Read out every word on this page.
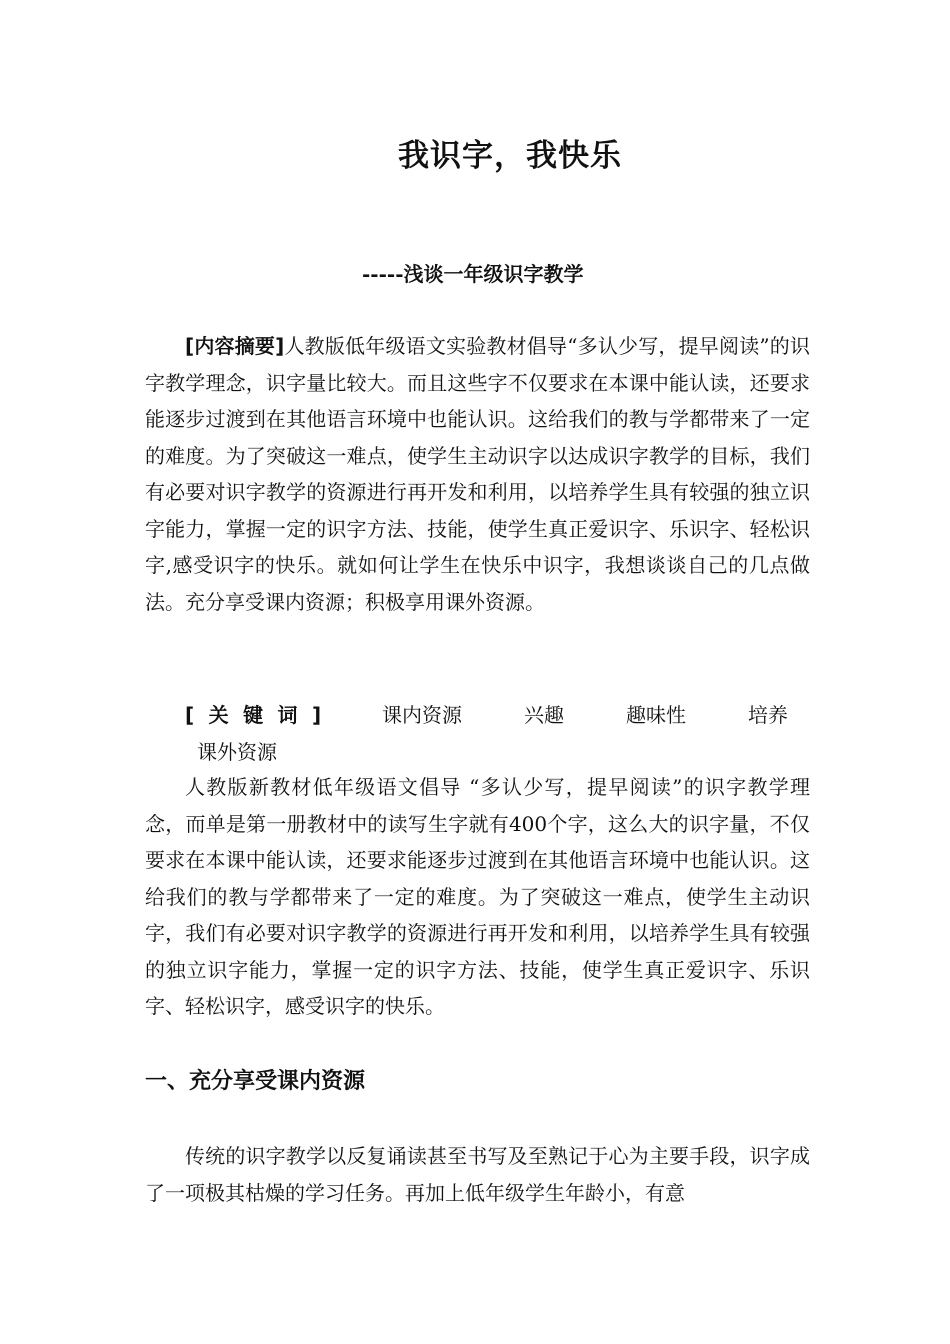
我识字，我快乐
-----浅谈一年级识字教学

[内容摘要]人教版低年级语文实验教材倡导“多认少写，提早阅读”的识字教学理念，识字量比较大。而且这些字不仅要求在本课中能认读，还要求能逐步过渡到在其他语言环境中也能认识。这给我们的教与学都带来了一定的难度。为了突破这一难点，使学生主动识字以达成识字教学的目标，我们有必要对识字教学的资源进行再开发和利用，以培养学生具有较强的独立识字能力，掌握一定的识字方法、技能，使学生真正爱识字、乐识字、轻松识字,感受识字的快乐。就如何让学生在快乐中识字，我想谈谈自己的几点做法。充分享受课内资源；积极享用课外资源。

[关键词]	课内资源	兴趣	趣味性	培养课外资源

人教版新教材低年级语文倡导 “多认少写，提早阅读”的识字教学理念，而单是第一册教材中的读写生字就有400个字，这么大的识字量，不仅要求在本课中能认读，还要求能逐步过渡到在其他语言环境中也能认识。这给我们的教与学都带来了一定的难度。为了突破这一难点，使学生主动识字，我们有必要对识字教学的资源进行再开发和利用，以培养学生具有较强的独立识字能力，掌握一定的识字方法、技能，使学生真正爱识字、乐识字、轻松识字，感受识字的快乐。

一、充分享受课内资源

传统的识字教学以反复诵读甚至书写及至熟记于心为主要手段，识字成了一项极其枯燥的学习任务。再加上低年级学生年龄小，有意
